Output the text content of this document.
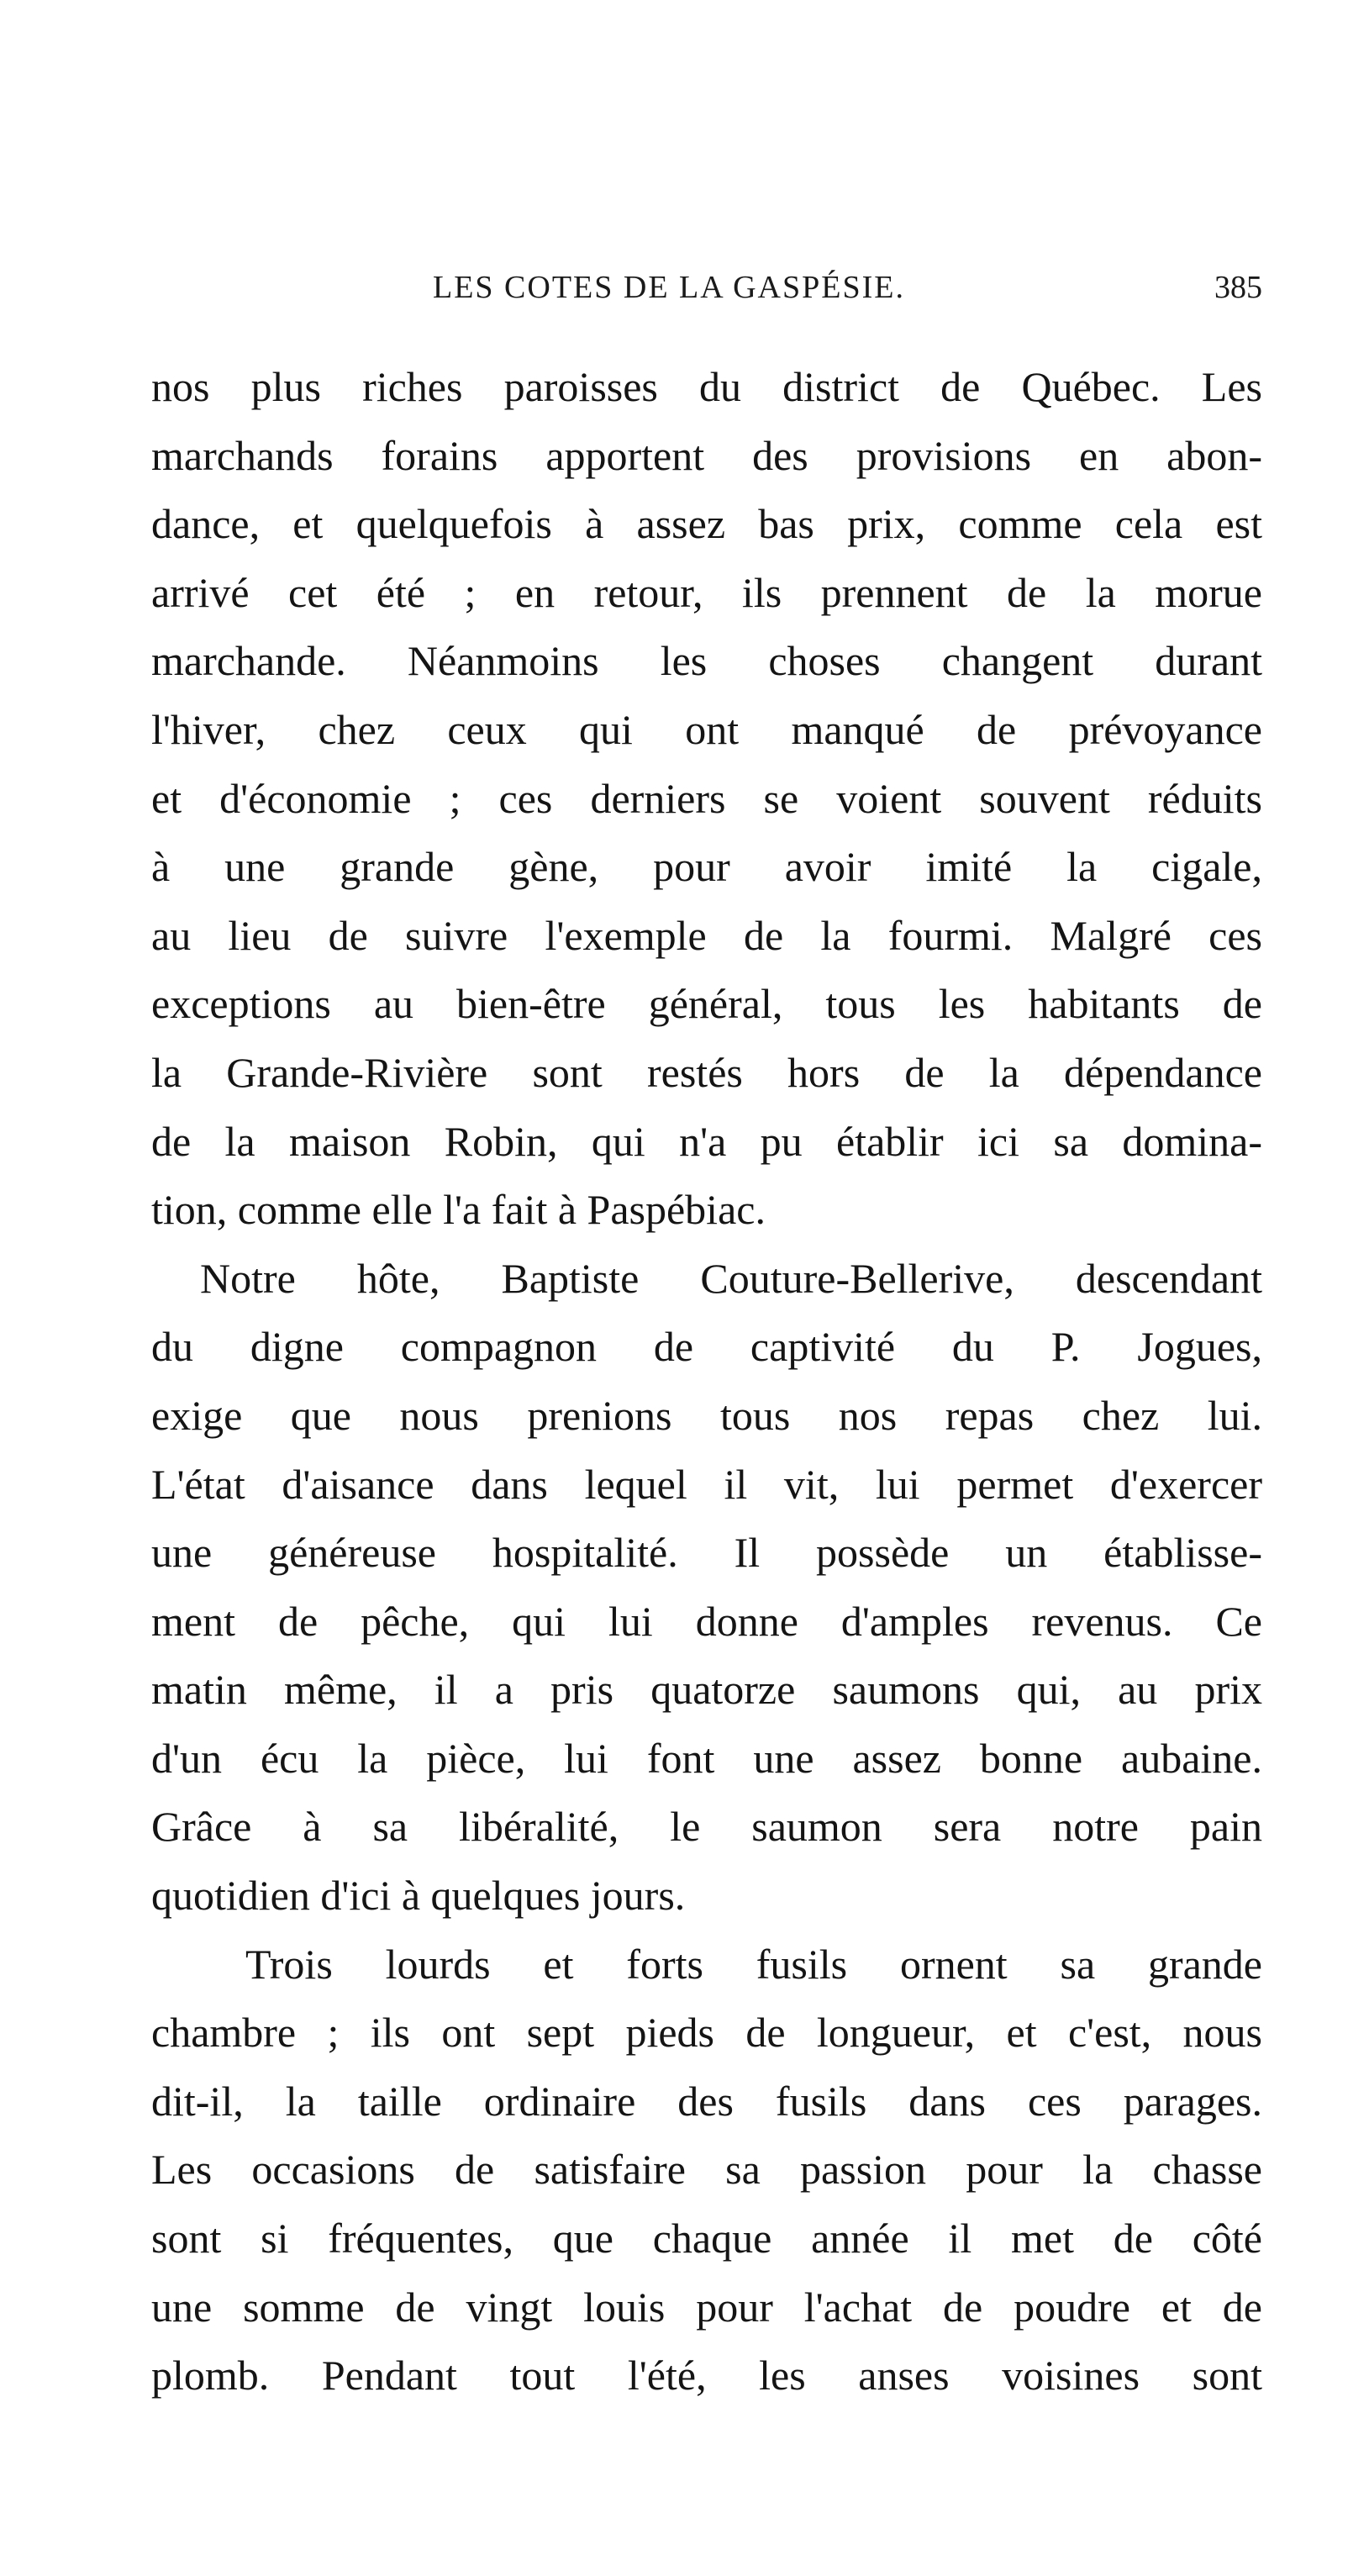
LES COTES DE LA GASPÉSIE.	385
nos plus riches paroisses du district de Québec. Les
marchands forains apportent des provisions en abon-
dance, et quelquefois à assez bas prix, comme cela est
arrivé cet été ; en retour, ils prennent de la morue
marchande. Néanmoins les choses changent durant
l'hiver, chez ceux qui ont manqué de prévoyance
et d'économie ; ces derniers se voient souvent réduits
à une grande gène, pour avoir imité la cigale,
au lieu de suivre l'exemple de la fourmi. Malgré ces
exceptions au bien-être général, tous les habitants de
la Grande-Rivière sont restés hors de la dépendance
de la maison Robin, qui n'a pu établir ici sa domina-
tion, comme elle l'a fait à Paspébiac.
Notre hôte, Baptiste Couture-Bellerive, descendant
du digne compagnon de captivité du P. Jogues,
exige que nous prenions tous nos repas chez lui.
L'état d'aisance dans lequel il vit, lui permet d'exercer
une généreuse hospitalité. Il possède un établisse-
ment de pêche, qui lui donne d'amples revenus. Ce
matin même, il a pris quatorze saumons qui, au prix
d'un écu la pièce, lui font une assez bonne aubaine.
Grâce à sa libéralité, le saumon sera notre pain
quotidien d'ici à quelques jours.
Trois lourds et forts fusils ornent sa grande
chambre ; ils ont sept pieds de longueur, et c'est, nous
dit-il, la taille ordinaire des fusils dans ces parages.
Les occasions de satisfaire sa passion pour la chasse
sont si fréquentes, que chaque année il met de côté
une somme de vingt louis pour l'achat de poudre et de
plomb. Pendant tout l'été, les anses voisines sont
